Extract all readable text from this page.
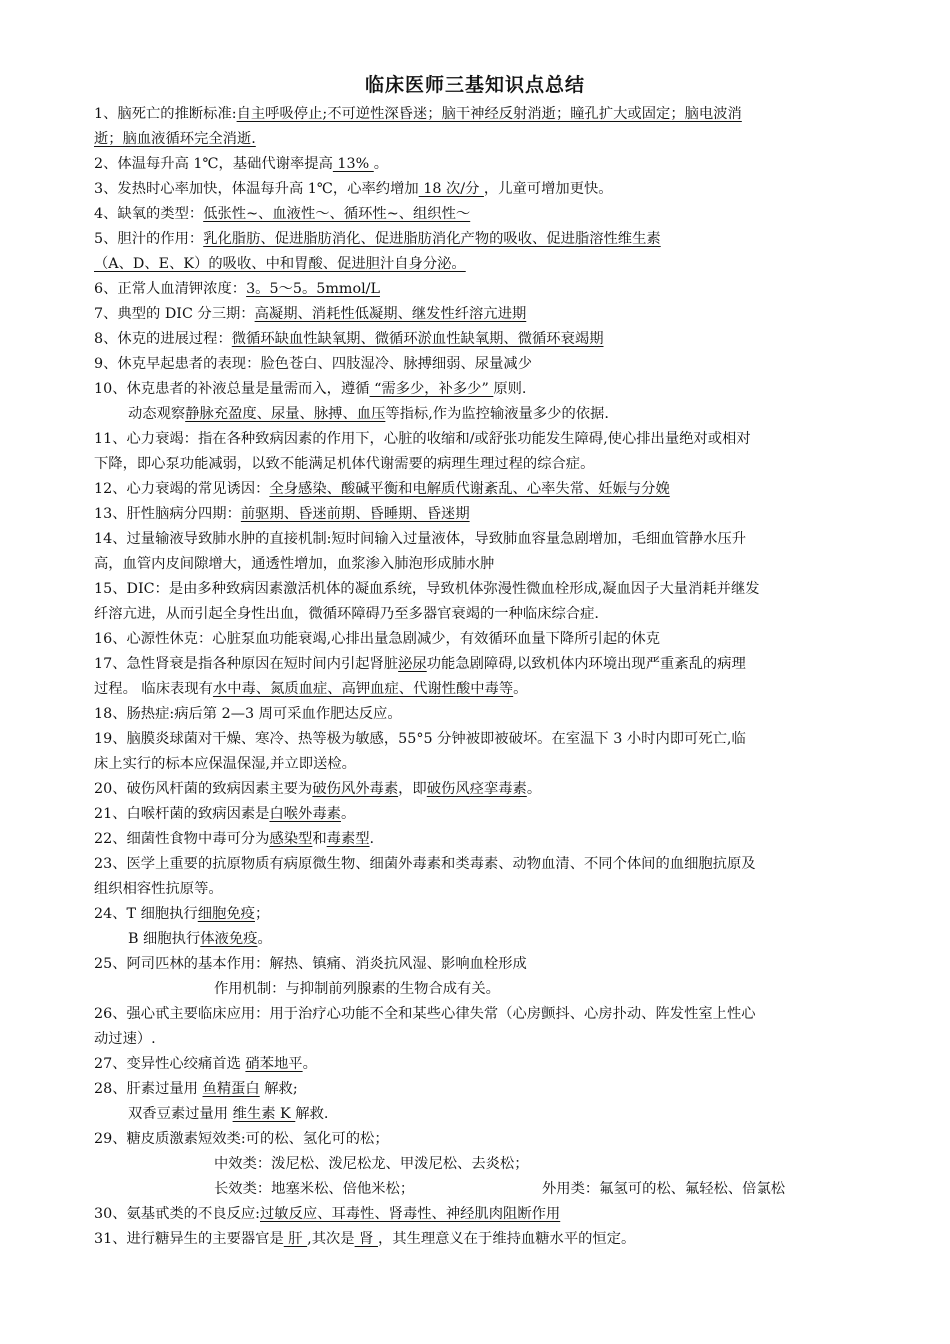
临床医师三基知识点总结
1、脑死亡的推断标准:自主呼吸停止;不可逆性深昏迷；脑干神经反射消逝；瞳孔扩大或固定；脑电波消
逝；脑血液循环完全消逝.
2、体温每升高 1℃，基础代谢率提高 13% 。
3、发热时心率加快，体温每升高 1℃，心率约增加 18 次/分 ，儿童可增加更快。
4、缺氧的类型：低张性~、血液性～、循环性~、组织性～
5、胆汁的作用：乳化脂肪、促进脂肪消化、促进脂肪消化产物的吸收、促进脂溶性维生素
（A、D、E、K）的吸收、中和胃酸、促进胆汁自身分泌。
6、正常人血清钾浓度：3。5～5。5mmol/L
7、典型的 DIC 分三期：高凝期、消耗性低凝期、继发性纤溶亢进期
8、休克的进展过程：微循环缺血性缺氧期、微循环淤血性缺氧期、微循环衰竭期
9、休克早起患者的表现：脸色苍白、四肢湿冷、脉搏细弱、尿量减少
10、休克患者的补液总量是量需而入，遵循 “需多少，补多少” 原则.
动态观察静脉充盈度、尿量、脉搏、血压等指标,作为监控输液量多少的依据.
11、心力衰竭：指在各种致病因素的作用下，心脏的收缩和/或舒张功能发生障碍,使心排出量绝对或相对
下降，即心泵功能减弱，以致不能满足机体代谢需要的病理生理过程的综合症。
12、心力衰竭的常见诱因：全身感染、酸碱平衡和电解质代谢紊乱、心率失常、妊娠与分娩
13、肝性脑病分四期：前驱期、昏迷前期、昏睡期、昏迷期
14、过量输液导致肺水肿的直接机制:短时间输入过量液体，导致肺血容量急剧增加，毛细血管静水压升
高，血管内皮间隙增大，通透性增加，血浆渗入肺泡形成肺水肿
15、DIC：是由多种致病因素激活机体的凝血系统，导致机体弥漫性微血栓形成,凝血因子大量消耗并继发
纤溶亢进，从而引起全身性出血，微循环障碍乃至多器官衰竭的一种临床综合症.
16、心源性休克：心脏泵血功能衰竭,心排出量急剧减少，有效循环血量下降所引起的休克
17、急性肾衰是指各种原因在短时间内引起肾脏泌尿功能急剧障碍,以致机体内环境出现严重紊乱的病理
过程。 临床表现有水中毒、氮质血症、高钾血症、代谢性酸中毒等。
18、肠热症:病后第 2—3 周可采血作肥达反应。
19、脑膜炎球菌对干燥、寒冷、热等极为敏感，55°5 分钟被即被破坏。在室温下 3 小时内即可死亡,临
床上实行的标本应保温保湿,并立即送检。
20、破伤风杆菌的致病因素主要为破伤风外毒素，即破伤风痉挛毒素。
21、白喉杆菌的致病因素是白喉外毒素。
22、细菌性食物中毒可分为感染型和毒素型.
23、医学上重要的抗原物质有病原微生物、细菌外毒素和类毒素、动物血清、不同个体间的血细胞抗原及
组织相容性抗原等。
24、T 细胞执行细胞免疫；
B 细胞执行体液免疫。
25、阿司匹林的基本作用：解热、镇痛、消炎抗风湿、影响血栓形成
作用机制：与抑制前列腺素的生物合成有关。
26、强心甙主要临床应用：用于治疗心功能不全和某些心律失常（心房颤抖、心房扑动、阵发性室上性心
动过速）.
27、变异性心绞痛首选 硝苯地平。
28、肝素过量用 鱼精蛋白 解救;
双香豆素过量用 维生素 K 解救.
29、糖皮质激素短效类:可的松、氢化可的松；
中效类：泼尼松、泼尼松龙、甲泼尼松、去炎松；
长效类：地塞米松、倍他米松；	外用类：氟氢可的松、氟轻松、倍氯松
30、氨基甙类的不良反应:过敏反应、耳毒性、肾毒性、神经肌肉阻断作用
31、进行糖异生的主要器官是 肝 ,其次是 肾 ，其生理意义在于维持血糖水平的恒定。
